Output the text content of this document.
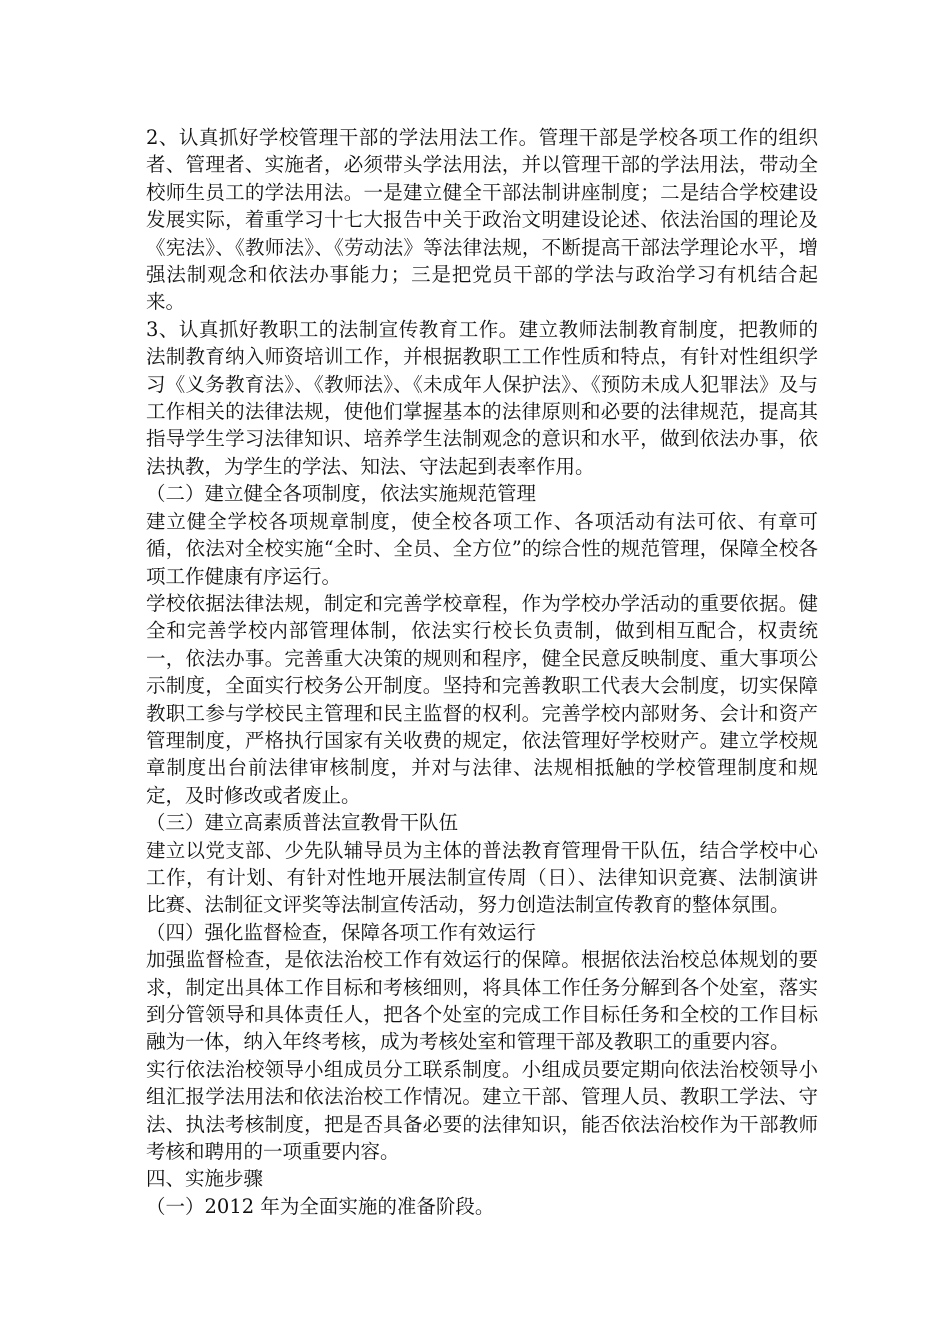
2、认真抓好学校管理干部的学法用法工作。管理干部是学校各项工作的组织者、管理者、实施者，必须带头学法用法，并以管理干部的学法用法，带动全校师生员工的学法用法。一是建立健全干部法制讲座制度；二是结合学校建设发展实际，着重学习十七大报告中关于政治文明建设论述、依法治国的理论及《宪法》、《教师法》、《劳动法》等法律法规，不断提高干部法学理论水平，增强法制观念和依法办事能力；三是把党员干部的学法与政治学习有机结合起来。

3、认真抓好教职工的法制宣传教育工作。建立教师法制教育制度，把教师的法制教育纳入师资培训工作，并根据教职工工作性质和特点，有针对性组织学习《义务教育法》、《教师法》、《未成年人保护法》、《预防未成人犯罪法》及与工作相关的法律法规，使他们掌握基本的法律原则和必要的法律规范，提高其指导学生学习法律知识、培养学生法制观念的意识和水平，做到依法办事，依法执教，为学生的学法、知法、守法起到表率作用。

（二）建立健全各项制度，依法实施规范管理

建立健全学校各项规章制度，使全校各项工作、各项活动有法可依、有章可循，依法对全校实施“全时、全员、全方位”的综合性的规范管理，保障全校各项工作健康有序运行。

学校依据法律法规，制定和完善学校章程，作为学校办学活动的重要依据。健全和完善学校内部管理体制，依法实行校长负责制，做到相互配合，权责统一，依法办事。完善重大决策的规则和程序，健全民意反映制度、重大事项公示制度，全面实行校务公开制度。坚持和完善教职工代表大会制度，切实保障教职工参与学校民主管理和民主监督的权利。完善学校内部财务、会计和资产管理制度，严格执行国家有关收费的规定，依法管理好学校财产。建立学校规章制度出台前法律审核制度，并对与法律、法规相抵触的学校管理制度和规定，及时修改或者废止。

（三）建立高素质普法宣教骨干队伍

建立以党支部、少先队辅导员为主体的普法教育管理骨干队伍，结合学校中心工作，有计划、有针对性地开展法制宣传周（日）、法律知识竞赛、法制演讲比赛、法制征文评奖等法制宣传活动，努力创造法制宣传教育的整体氛围。

（四）强化监督检查，保障各项工作有效运行

加强监督检查，是依法治校工作有效运行的保障。根据依法治校总体规划的要求，制定出具体工作目标和考核细则，将具体工作任务分解到各个处室，落实到分管领导和具体责任人，把各个处室的完成工作目标任务和全校的工作目标融为一体，纳入年终考核，成为考核处室和管理干部及教职工的重要内容。

实行依法治校领导小组成员分工联系制度。小组成员要定期向依法治校领导小组汇报学法用法和依法治校工作情况。建立干部、管理人员、教职工学法、守法、执法考核制度，把是否具备必要的法律知识，能否依法治校作为干部教师考核和聘用的一项重要内容。

四、实施步骤

（一）2012 年为全面实施的准备阶段。
